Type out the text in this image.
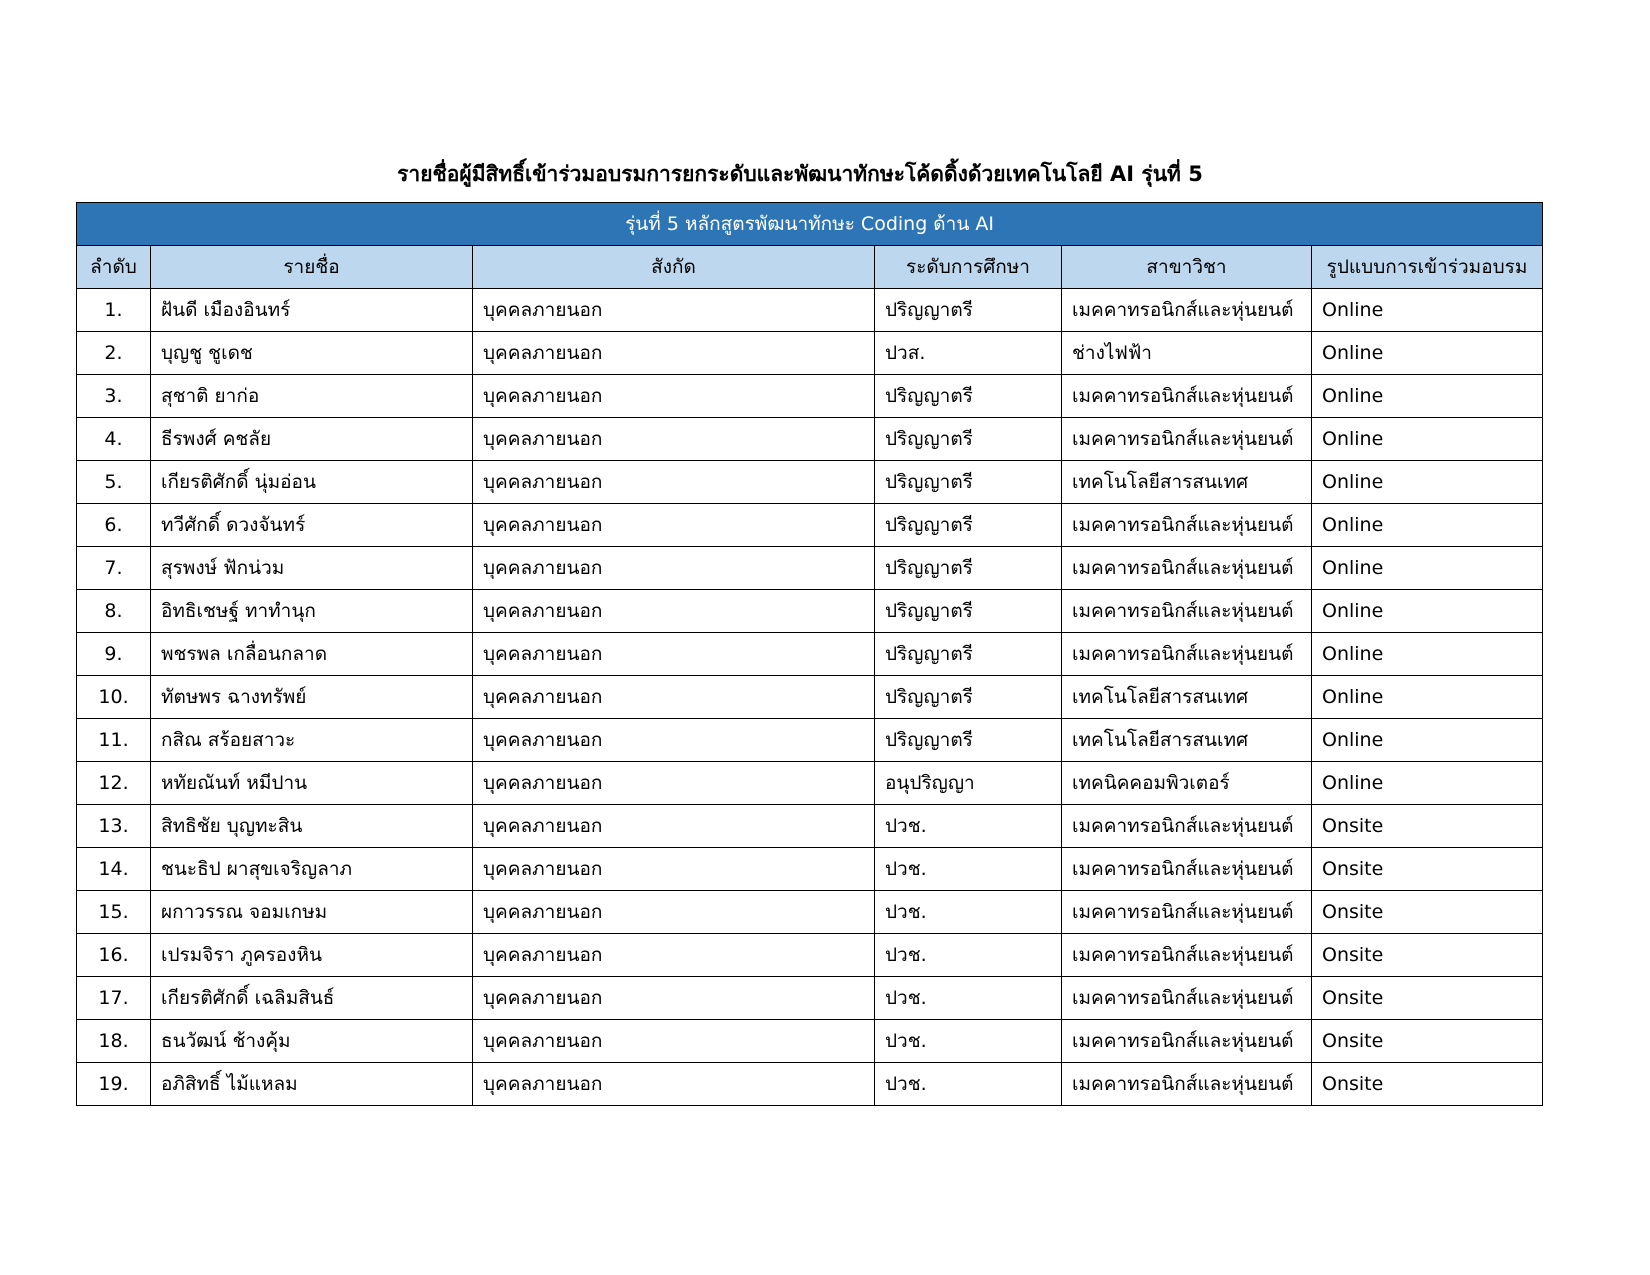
รายชื่อผู้มีสิทธิ์เข้าร่วมอบรมการยกระดับและพัฒนาทักษะโค้ดดิ้งด้วยเทคโนโลยี AI รุ่นที่ 5
รุ่นที่ 5 หลักสูตรพัฒนาทักษะ Coding ด้าน AI					
ลำดับ	รายชื่อ	สังกัด	ระดับการศึกษา	สาขาวิชา	รูปแบบการเข้าร่วมอบรม
1.	ฝันดี เมืองอินทร์	บุคคลภายนอก	ปริญญาตรี	เมคคาทรอนิกส์และหุ่นยนต์	Online
2.	บุญชู ชูเดช	บุคคลภายนอก	ปวส.	ช่างไฟฟ้า	Online
3.	สุชาติ ยาก่อ	บุคคลภายนอก	ปริญญาตรี	เมคคาทรอนิกส์และหุ่นยนต์	Online
4.	ธีรพงศ์ คชลัย	บุคคลภายนอก	ปริญญาตรี	เมคคาทรอนิกส์และหุ่นยนต์	Online
5.	เกียรติศักดิ์ นุ่มอ่อน	บุคคลภายนอก	ปริญญาตรี	เทคโนโลยีสารสนเทศ	Online
6.	ทวีศักดิ์ ดวงจันทร์	บุคคลภายนอก	ปริญญาตรี	เมคคาทรอนิกส์และหุ่นยนต์	Online
7.	สุรพงษ์ ฟักน่วม	บุคคลภายนอก	ปริญญาตรี	เมคคาทรอนิกส์และหุ่นยนต์	Online
8.	อิทธิเชษฐ์ ทาทำนุก	บุคคลภายนอก	ปริญญาตรี	เมคคาทรอนิกส์และหุ่นยนต์	Online
9.	พชรพล เกลื่อนกลาด	บุคคลภายนอก	ปริญญาตรี	เมคคาทรอนิกส์และหุ่นยนต์	Online
10.	ทัตษพร ฉางทรัพย์	บุคคลภายนอก	ปริญญาตรี	เทคโนโลยีสารสนเทศ	Online
11.	กสิณ สร้อยสาวะ	บุคคลภายนอก	ปริญญาตรี	เทคโนโลยีสารสนเทศ	Online
12.	หทัยณันท์ หมีปาน	บุคคลภายนอก	อนุปริญญา	เทคนิคคอมพิวเตอร์	Online
13.	สิทธิชัย บุญทะสิน	บุคคลภายนอก	ปวช.	เมคคาทรอนิกส์และหุ่นยนต์	Onsite
14.	ชนะธิป ผาสุขเจริญลาภ	บุคคลภายนอก	ปวช.	เมคคาทรอนิกส์และหุ่นยนต์	Onsite
15.	ผกาวรรณ จอมเกษม	บุคคลภายนอก	ปวช.	เมคคาทรอนิกส์และหุ่นยนต์	Onsite
16.	เปรมจิรา ภูครองหิน	บุคคลภายนอก	ปวช.	เมคคาทรอนิกส์และหุ่นยนต์	Onsite
17.	เกียรติศักดิ์ เฉลิมสินธ์	บุคคลภายนอก	ปวช.	เมคคาทรอนิกส์และหุ่นยนต์	Onsite
18.	ธนวัฒน์ ช้างคุ้ม	บุคคลภายนอก	ปวช.	เมคคาทรอนิกส์และหุ่นยนต์	Onsite
19.	อภิสิทธิ์ ไม้แหลม	บุคคลภายนอก	ปวช.	เมคคาทรอนิกส์และหุ่นยนต์	Onsite
